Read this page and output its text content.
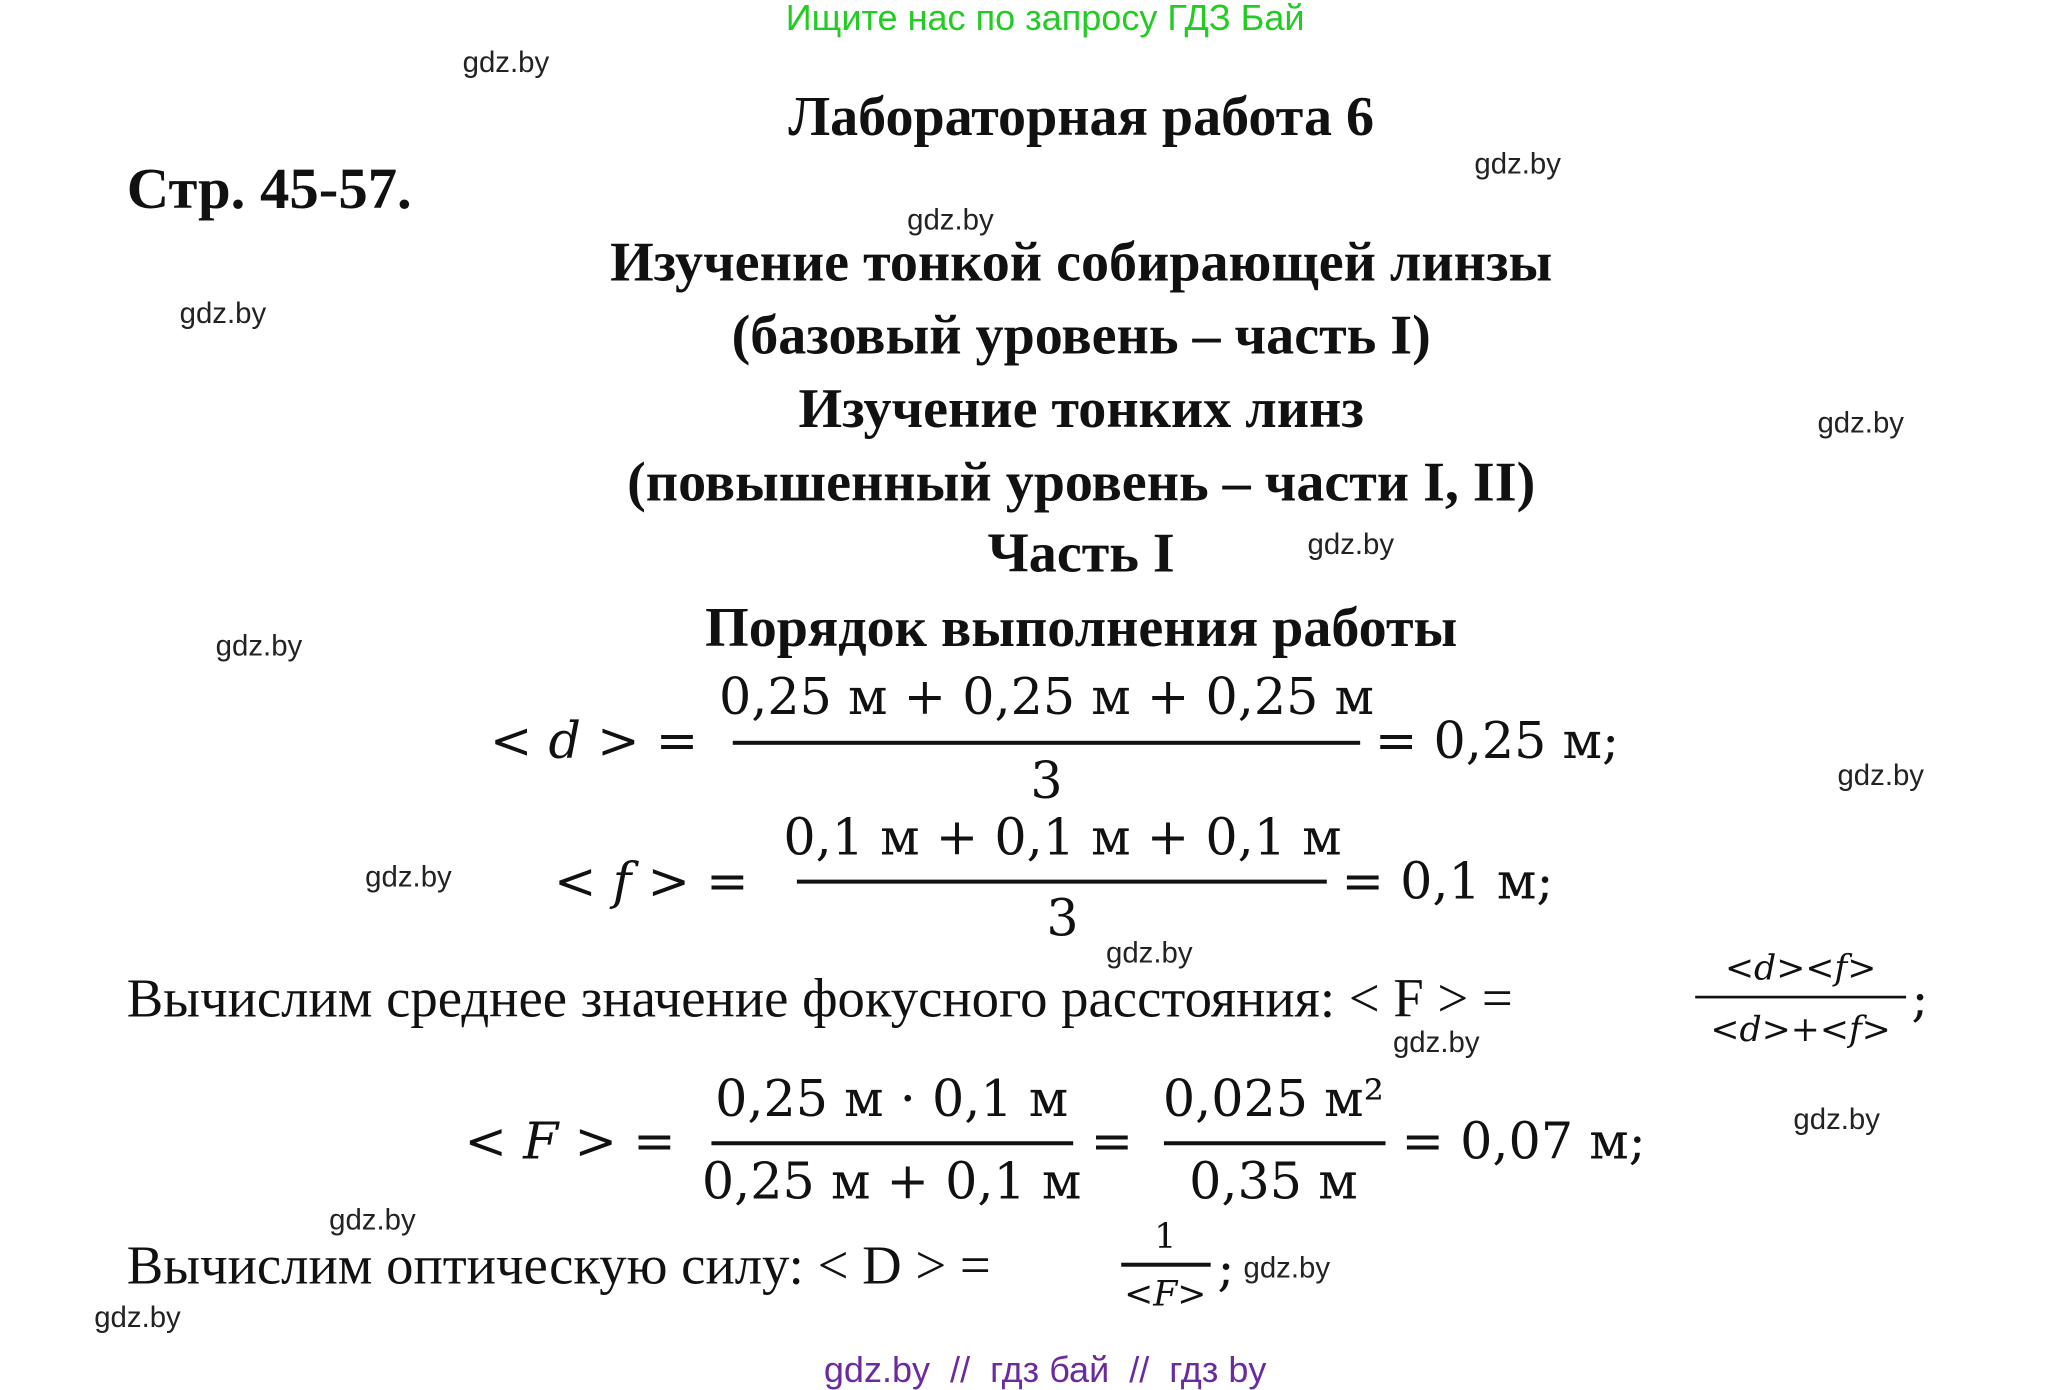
Ищите нас по запросу ГДЗ Бай
gdz.by
gdz.by
gdz.by
gdz.by
gdz.by
gdz.by
gdz.by
gdz.by
gdz.by
gdz.by
gdz.by
gdz.by
gdz.by
gdz.by
gdz.by
Лабораторная работа 6
Стр. 45-57.
Изучение тонкой собирающей линзы
(базовый уровень – часть I)
Изучение тонких линз
(повышенный уровень – части I, II)
Часть I
Порядок выполнения работы
< d > =
0,25 м + 0,25 м + 0,25 м
3
= 0,25 м;
< f > =
0,1 м + 0,1 м + 0,1 м
3
= 0,1 м;
Вычислим среднее значение фокусного расстояния: < F > =	<d><f>
<d>+<f>
;
< F > =
0,25 м · 0,1 м
0,25 м + 0,1 м
=
0,025 м²
0,35 м
= 0,07 м;
Вычислим оптическую силу: < D > =	1
<F> ;
gdz.by  //  гдз бай  //  гдз by
